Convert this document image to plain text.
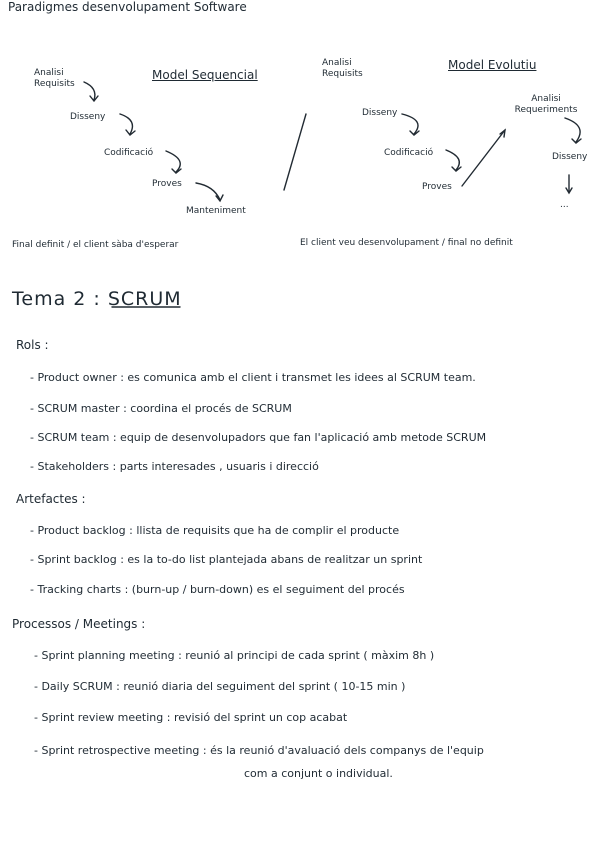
Paradigmes desenvolupament Software
Model Sequencial
Analisi Requisits
Disseny
Codificació
Proves
Manteniment
Final definit / el client sàba d'esperar
Model Evolutiu
Analisi Requisits
Disseny
Codificació
Proves
Analisi Requeriments
Disseny
...
El client veu desenvolupament / final no definit
Tema 2 : SCRUM
Rols :
- Product owner : es comunica amb el client i transmet les idees al SCRUM team.
- SCRUM master : coordina el procés de SCRUM
- SCRUM team : equip de desenvolupadors que fan l'aplicació amb metode SCRUM
- Stakeholders : parts interesades , usuaris i direcció
Artefactes :
- Product backlog : llista de requisits que ha de complir el producte
- Sprint backlog : es la to-do list plantejada abans de realitzar un sprint
- Tracking charts : (burn-up / burn-down) es el seguiment del procés
Processos / Meetings :
- Sprint planning meeting : reunió al principi de cada sprint ( màxim 8h )
- Daily SCRUM : reunió diaria del seguiment del sprint ( 10-15 min )
- Sprint review meeting : revisió del sprint un cop acabat
- Sprint retrospective meeting : és la reunió d'avaluació dels companys de l'equip
com a conjunt o individual.
